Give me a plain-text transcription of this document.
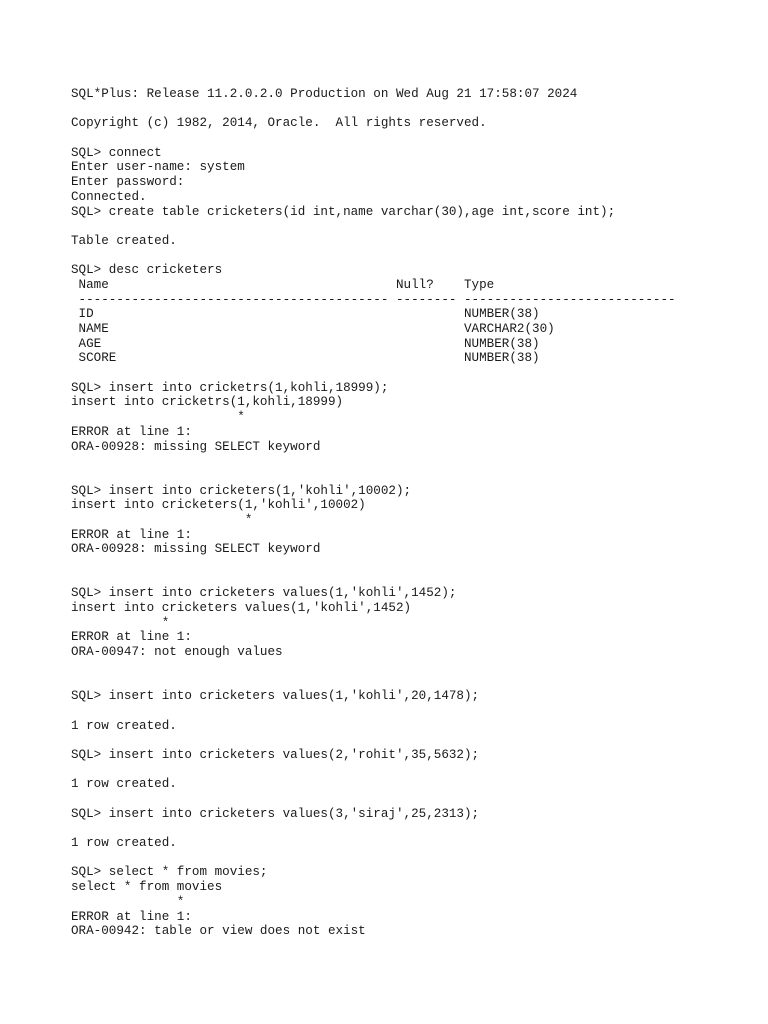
SQL*Plus: Release 11.2.0.2.0 Production on Wed Aug 21 17:58:07 2024
Copyright (c) 1982, 2014, Oracle.  All rights reserved.
SQL> connect
Enter user-name: system
Enter password:
Connected.
SQL> create table cricketers(id int,name varchar(30),age int,score int);
Table created.
SQL> desc cricketers
Name                                      Null?    Type
----------------------------------------- -------- ----------------------------
ID                                                 NUMBER(38)
NAME                                               VARCHAR2(30)
AGE                                                NUMBER(38)
SCORE                                              NUMBER(38)
SQL> insert into cricketrs(1,kohli,18999);
insert into cricketrs(1,kohli,18999)
*
ERROR at line 1:
ORA-00928: missing SELECT keyword
SQL> insert into cricketers(1,'kohli',10002);
insert into cricketers(1,'kohli',10002)
*
ERROR at line 1:
ORA-00928: missing SELECT keyword
SQL> insert into cricketers values(1,'kohli',1452);
insert into cricketers values(1,'kohli',1452)
*
ERROR at line 1:
ORA-00947: not enough values
SQL> insert into cricketers values(1,'kohli',20,1478);
1 row created.
SQL> insert into cricketers values(2,'rohit',35,5632);
1 row created.
SQL> insert into cricketers values(3,'siraj',25,2313);
1 row created.
SQL> select * from movies;
select * from movies
*
ERROR at line 1:
ORA-00942: table or view does not exist
